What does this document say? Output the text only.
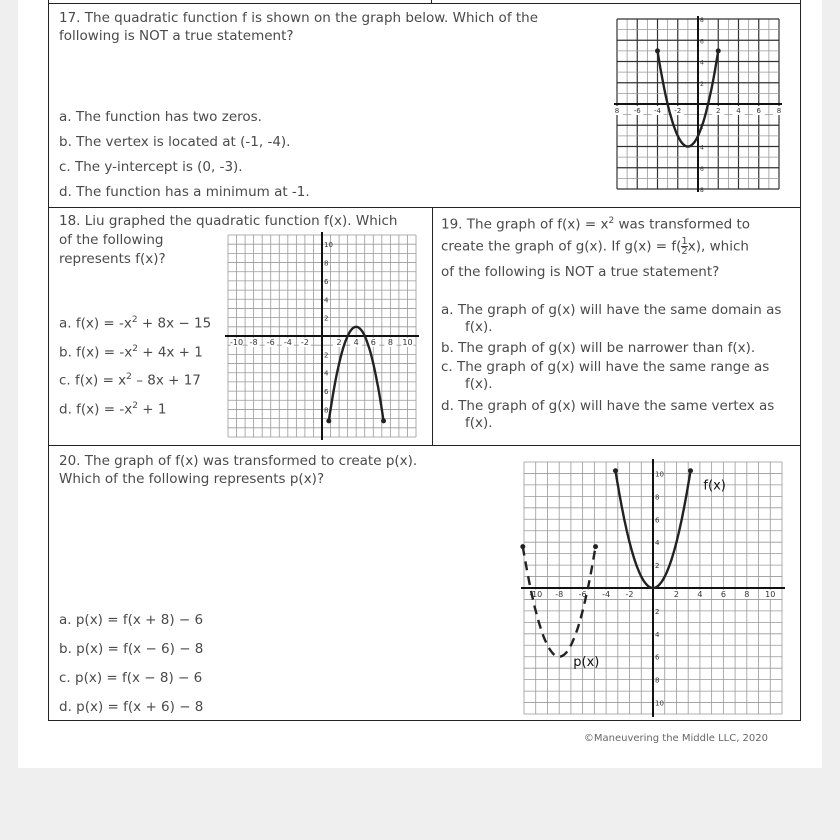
17. The quadratic function f is shown on the graph below. Which of the
following is NOT a true statement?
a. The function has two zeros.
b. The vertex is located at (-1, -4).
c. The y-intercept is (0, -3).
d. The function has a minimum at -1.
18. Liu graphed the quadratic function f(x). Which
of the following
represents f(x)?
a. $f(x) = -x^2 + 8x - 15$
b. $f(x) = -x^2 + 4x + 1$
c. $f(x) = x^2 - 8x + 17$
d. $f(x) = -x^2 + 1$
19. The graph of $f(x) = x^2$ was transformed to
create the graph of g(x). If $g(x) = f( \frac{1}{2} x)$, which
of the following is NOT a true statement?
a. The graph of g(x) will have the same domain as f(x).
b. The graph of g(x) will be narrower than f(x).
c. The graph of g(x) will have the same range as f(x).
d. The graph of g(x) will have the same vertex as f(x).
20. The graph of f(x) was transformed to create p(x).
Which of the following represents p(x)?
a. p(x) = f(x + 8) − 6
b. p(x) = f(x − 6) − 8
c. p(x) = f(x − 8) − 6
d. p(x) = f(x + 6) − 8
©Maneuvering the Middle LLC, 2020
8 -6 -4 -2	2 4 6 8
8
6
4
2
2
4
6
8
-10 -8 -6 -4 -2	2 4 6 8 10
10
8
6
4
2
2
4
6
8
-10 -8 -6 -4 -2	2 4 6 8 10
10
8
6
4
2
2
4
6
8
10
f(x)
p(x)
